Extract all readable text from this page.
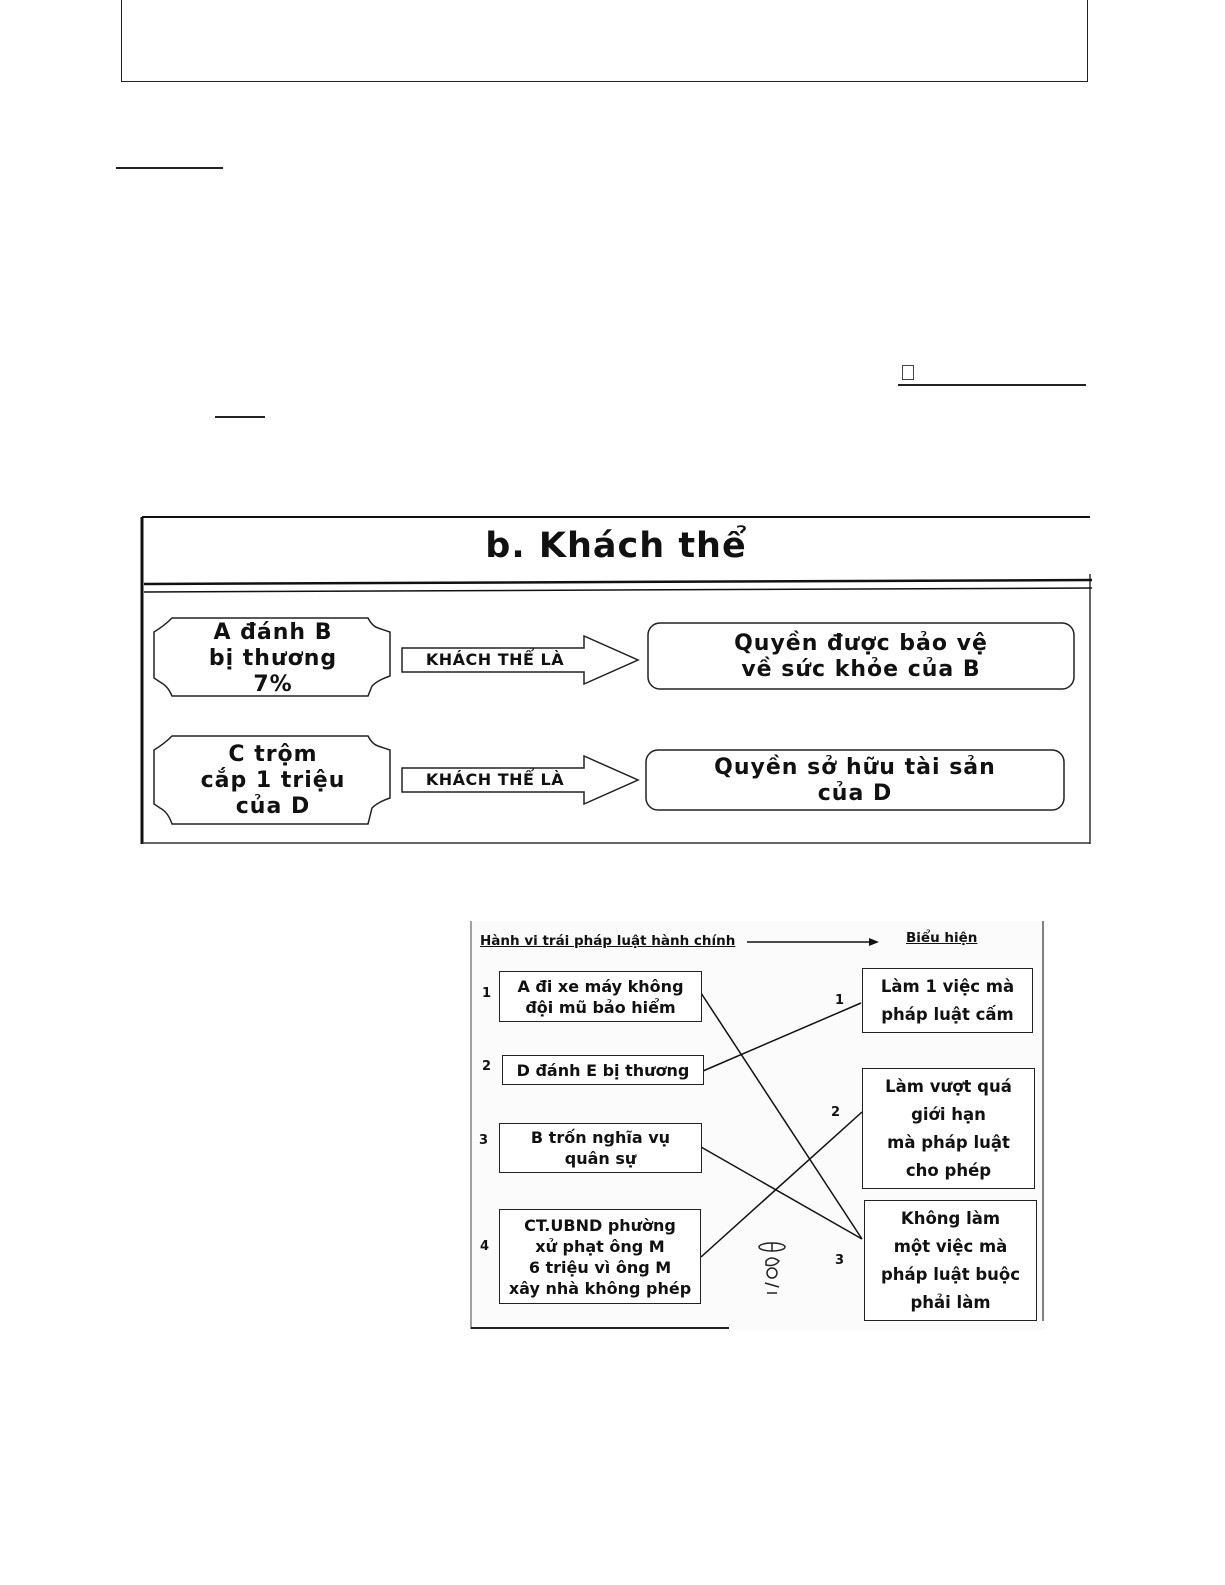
b. Khách thể
A đánh B
bị thương
7%
KHÁCH THỂ LÀ
Quyền được bảo vệ
về sức khỏe của B
C trộm
cắp 1 triệu
của D
KHÁCH THỂ LÀ	Quyền sở hữu tài sản
của D
Hành vi trái pháp luật hành chính	Biểu hiện
1 A đi xe máy không
đội mũ bảo hiểm
2 D đánh E bị thương
3	B trốn nghĩa vụ
quân sự
4
CT.UBND phường
xử phạt ông M
6 triệu vì ông M
xây nhà không phép
1
Làm 1 việc mà
pháp luật cấm
2
Làm vượt quá
giới hạn
mà pháp luật
cho phép
3
Không làm
một việc mà
pháp luật buộc
phải làm
